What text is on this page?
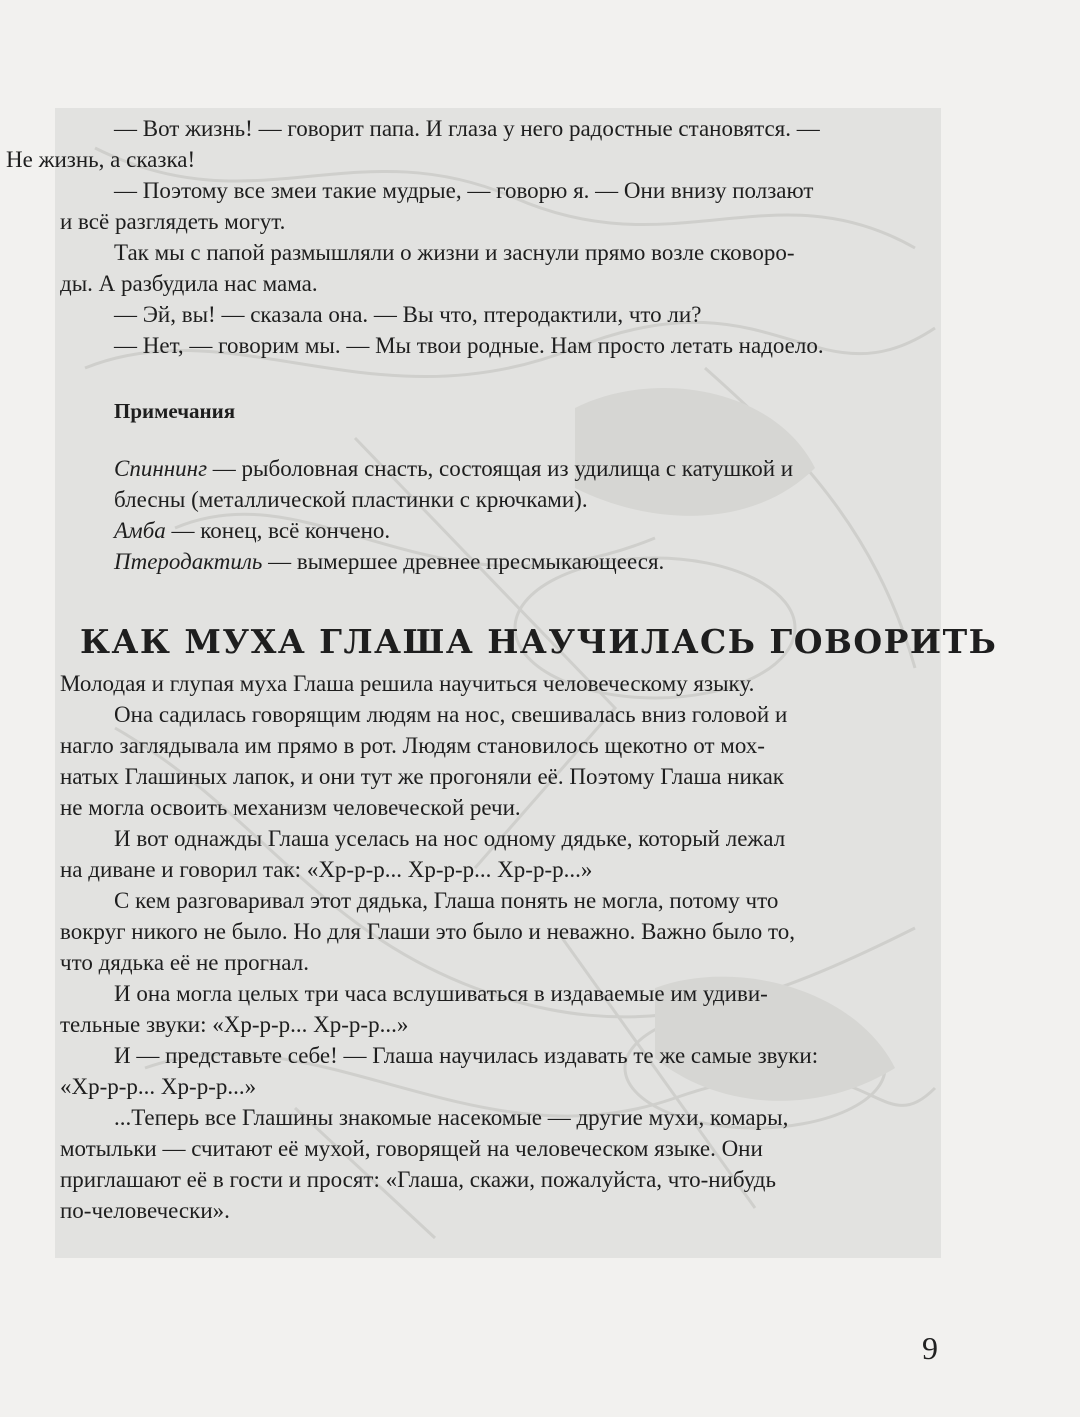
— Вот жизнь! — говорит папа. И глаза у него радостные становятся. —
Не жизнь, а сказка!

— Поэтому все змеи такие мудрые, — говорю я. — Они внизу ползают
и всё разглядеть могут.

Так мы с папой размышляли о жизни и заснули прямо возле сковоро-
ды. А разбудила нас мама.

— Эй, вы! — сказала она. — Вы что, птеродактили, что ли?

— Нет, — говорим мы. — Мы твои родные. Нам просто летать надоело.

Примечания
Спиннинг — рыболовная снасть, состоящая из удилища с катушкой и
блесны (металлической пластинки с крючками).
Амба — конец, всё кончено.
Птеродактиль — вымершее древнее пресмыкающееся.
КАК МУХА ГЛАША НАУЧИЛАСЬ ГОВОРИТЬ

Молодая и глупая муха Глаша решила научиться человеческому языку.

Она садилась говорящим людям на нос, свешивалась вниз головой и
нагло заглядывала им прямо в рот. Людям становилось щекотно от мох-
натых Глашиных лапок, и они тут же прогоняли её. Поэтому Глаша никак
не могла освоить механизм человеческой речи.

И вот однажды Глаша уселась на нос одному дядьке, который лежал
на диване и говорил так: «Хр-р-р... Хр-р-р... Хр-р-р...»

С кем разговаривал этот дядька, Глаша понять не могла, потому что
вокруг никого не было. Но для Глаши это было и неважно. Важно было то,
что дядька её не прогнал.

И она могла целых три часа вслушиваться в издаваемые им удиви-
тельные звуки: «Хр-р-р... Хр-р-р...»

И — представьте себе! — Глаша научилась издавать те же самые звуки:
«Хр-р-р... Хр-р-р...»

...Теперь все Глашины знакомые насекомые — другие мухи, комары,
мотыльки — считают её мухой, говорящей на человеческом языке. Они
приглашают её в гости и просят: «Глаша, скажи, пожалуйста, что-нибудь
по-человечески».

9
